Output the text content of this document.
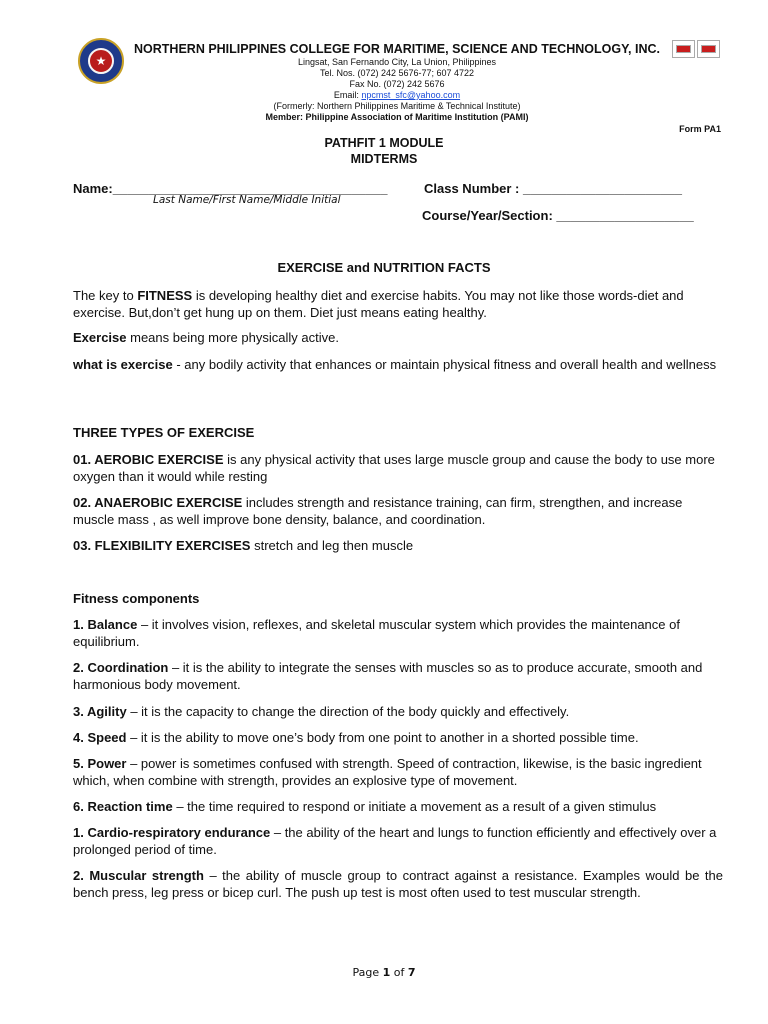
★
NORTHERN PHILIPPINES COLLEGE FOR MARITIME, SCIENCE AND TECHNOLOGY, INC.
Lingsat, San Fernando City, La Union, Philippines
Tel. Nos. (072) 242 5676-77; 607 4722
Fax No. (072) 242 5676
Email: npcmst_sfc@yahoo.com
(Formerly: Northern Philippines Maritime & Technical Institute)
Member: Philippine Association of Maritime Institution (PAMI)
Form PA1
PATHFIT 1 MODULE
MIDTERMS
Name:______________________________________
Last Name/First Name/Middle Initial
Class Number : ______________________
Course/Year/Section: ___________________
EXERCISE and NUTRITION FACTS
The key to FITNESS is developing healthy diet and exercise habits. You may not like those words-diet and exercise. But,don’t get hung up on them. Diet just means eating healthy.
Exercise means being more physically active.
what is exercise - any bodily activity that enhances or maintain physical fitness and overall health and wellness
THREE TYPES OF EXERCISE
01. AEROBIC EXERCISE is any physical activity that uses large muscle group and cause the body to use more oxygen than it would while resting
02. ANAEROBIC EXERCISE includes strength and resistance training, can firm, strengthen, and increase muscle mass , as well improve bone density, balance, and coordination.
03. FLEXIBILITY EXERCISES stretch and leg then muscle
Fitness components
1. Balance – it involves vision, reflexes, and skeletal muscular system which provides the maintenance of equilibrium.
2. Coordination – it is the ability to integrate the senses with muscles so as to produce accurate, smooth and harmonious body movement.
3. Agility – it is the capacity to change the direction of the body quickly and effectively.
4. Speed – it is the ability to move one’s body from one point to another in a shorted possible time.
5. Power – power is sometimes confused with strength. Speed of contraction, likewise, is the basic ingredient which, when combine with strength, provides an explosive type of movement.
6. Reaction time – the time required to respond or initiate a movement as a result of a given stimulus
1. Cardio-respiratory endurance – the ability of the heart and lungs to function efficiently and effectively over a prolonged period of time.
2. Muscular strength – the ability of muscle group to contract against a resistance. Examples would be the bench press, leg press or bicep curl. The push up test is most often used to test muscular strength.
Page 1 of 7
